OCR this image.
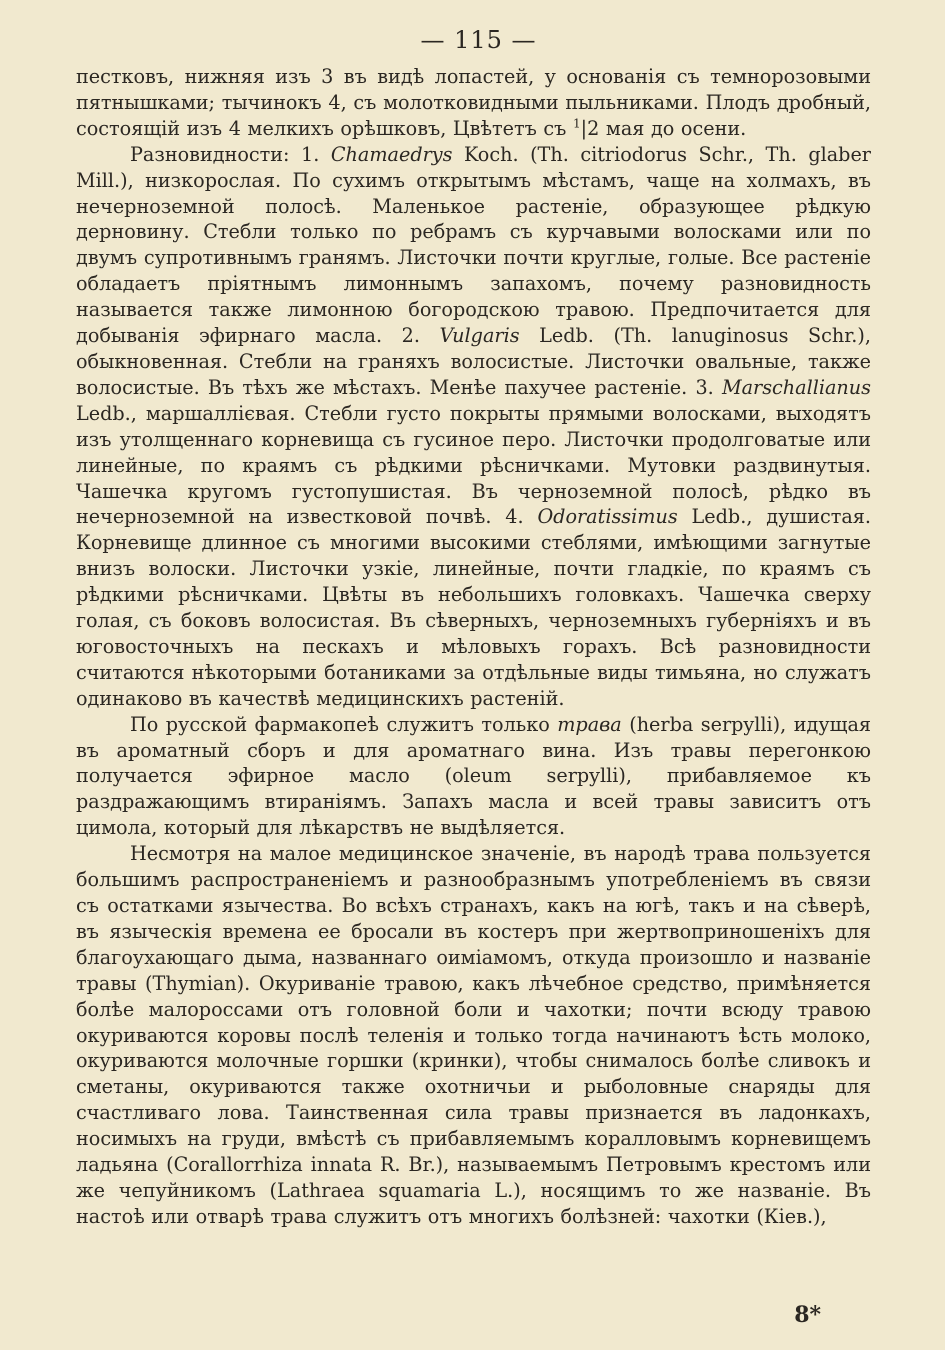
— 115 —

пестковъ, нижняя изъ 3 въ видѣ лопастей, у основанія съ темнорозовыми пятнышками; тычинокъ 4, съ молотковидными пыльниками. Плодъ дробный, состоящій изъ 4 мелкихъ орѣшковъ, Цвѣтетъ съ $^1$|2 мая до осени.

Разновидности: 1. Chamaedrys Koch. (Th. citriodorus Schr., Th. glaber Mill.), низкорослая. По сухимъ открытымъ мѣстамъ, чаще на холмахъ, въ нечерноземной полосѣ. Маленькое растеніе, образующее рѣдкую дерновину. Стебли только по ребрамъ съ курчавыми волосками или по двумъ супротивнымъ гранямъ. Листочки почти круглые, голые. Все растеніе обладаетъ пріятнымъ лимоннымъ запахомъ, почему разновидность называется также лимонною богородскою травою. Предпочитается для добыванія эфирнаго масла. 2. Vulgaris Ledb. (Th. lanuginosus Schr.), обыкновенная. Стебли на граняхъ волосистые. Листочки овальные, также волосистые. Въ тѣхъ же мѣстахъ. Менѣе пахучее растеніе. 3. Marschallianus Ledb., маршаллієвая. Стебли густо покрыты прямыми волосками, выходятъ изъ утолщеннаго корневища съ гусиное перо. Листочки продолговатые или линейные, по краямъ съ рѣдкими рѣсничками. Мутовки раздвинутыя. Чашечка кругомъ густопушистая. Въ черноземной полосѣ, рѣдко въ нечерноземной на известковой почвѣ. 4. Odoratissimus Ledb., душистая. Корневище длинное съ многими высокими стеблями, имѣющими загнутые внизъ волоски. Листочки узкіе, линейные, почти гладкіе, по краямъ съ рѣдкими рѣсничками. Цвѣты въ небольшихъ головкахъ. Чашечка сверху голая, съ боковъ волосистая. Въ сѣверныхъ, черноземныхъ губерніяхъ и въ юговосточныхъ на пескахъ и мѣловыхъ горахъ. Всѣ разновидности считаются нѣкоторыми ботаниками за отдѣльные виды тимьяна, но служатъ одинаково въ качествѣ медицинскихъ растеній.

По русской фармакопеѣ служитъ только трава (herba serpylli), идущая въ ароматный сборъ и для ароматнаго вина. Изъ травы перегонкою получается эфирное масло (oleum serpylli), прибавляемое къ раздражающимъ втираніямъ. Запахъ масла и всей травы зависитъ отъ цимола, который для лѣкарствъ не выдѣляется.

Несмотря на малое медицинское значеніе, въ народѣ трава пользуется большимъ распространеніемъ и разнообразнымъ употребленіемъ въ связи съ остатками язычества. Во всѣхъ странахъ, какъ на югѣ, такъ и на сѣверѣ, въ языческія времена ее бросали въ костеръ при жертвоприношеніхъ для благоухающаго дыма, названнаго оиміамомъ, откуда произошло и названіе травы (Thymian). Окуриваніе травою, какъ лѣчебное средство, примѣняется болѣе малороссами отъ головной боли и чахотки; почти всюду травою окуриваются коровы послѣ теленія и только тогда начинаютъ ѣсть молоко, окуриваются молочные горшки (кринки), чтобы снималось болѣе сливокъ и сметаны, окуриваются также охотничьи и рыболовные снаряды для счастливаго лова. Таинственная сила травы признается въ ладонкахъ, носимыхъ на груди, вмѣстѣ съ прибавляемымъ коралловымъ корневищемъ ладьяна (Corallorrhiza innata R. Br.), называемымъ Петровымъ крестомъ или же чепуйникомъ (Lathraea squamaria L.), носящимъ то же названіе. Въ настоѣ или отварѣ трава служитъ отъ многихъ болѣзней: чахотки (Кіев.),

8*
